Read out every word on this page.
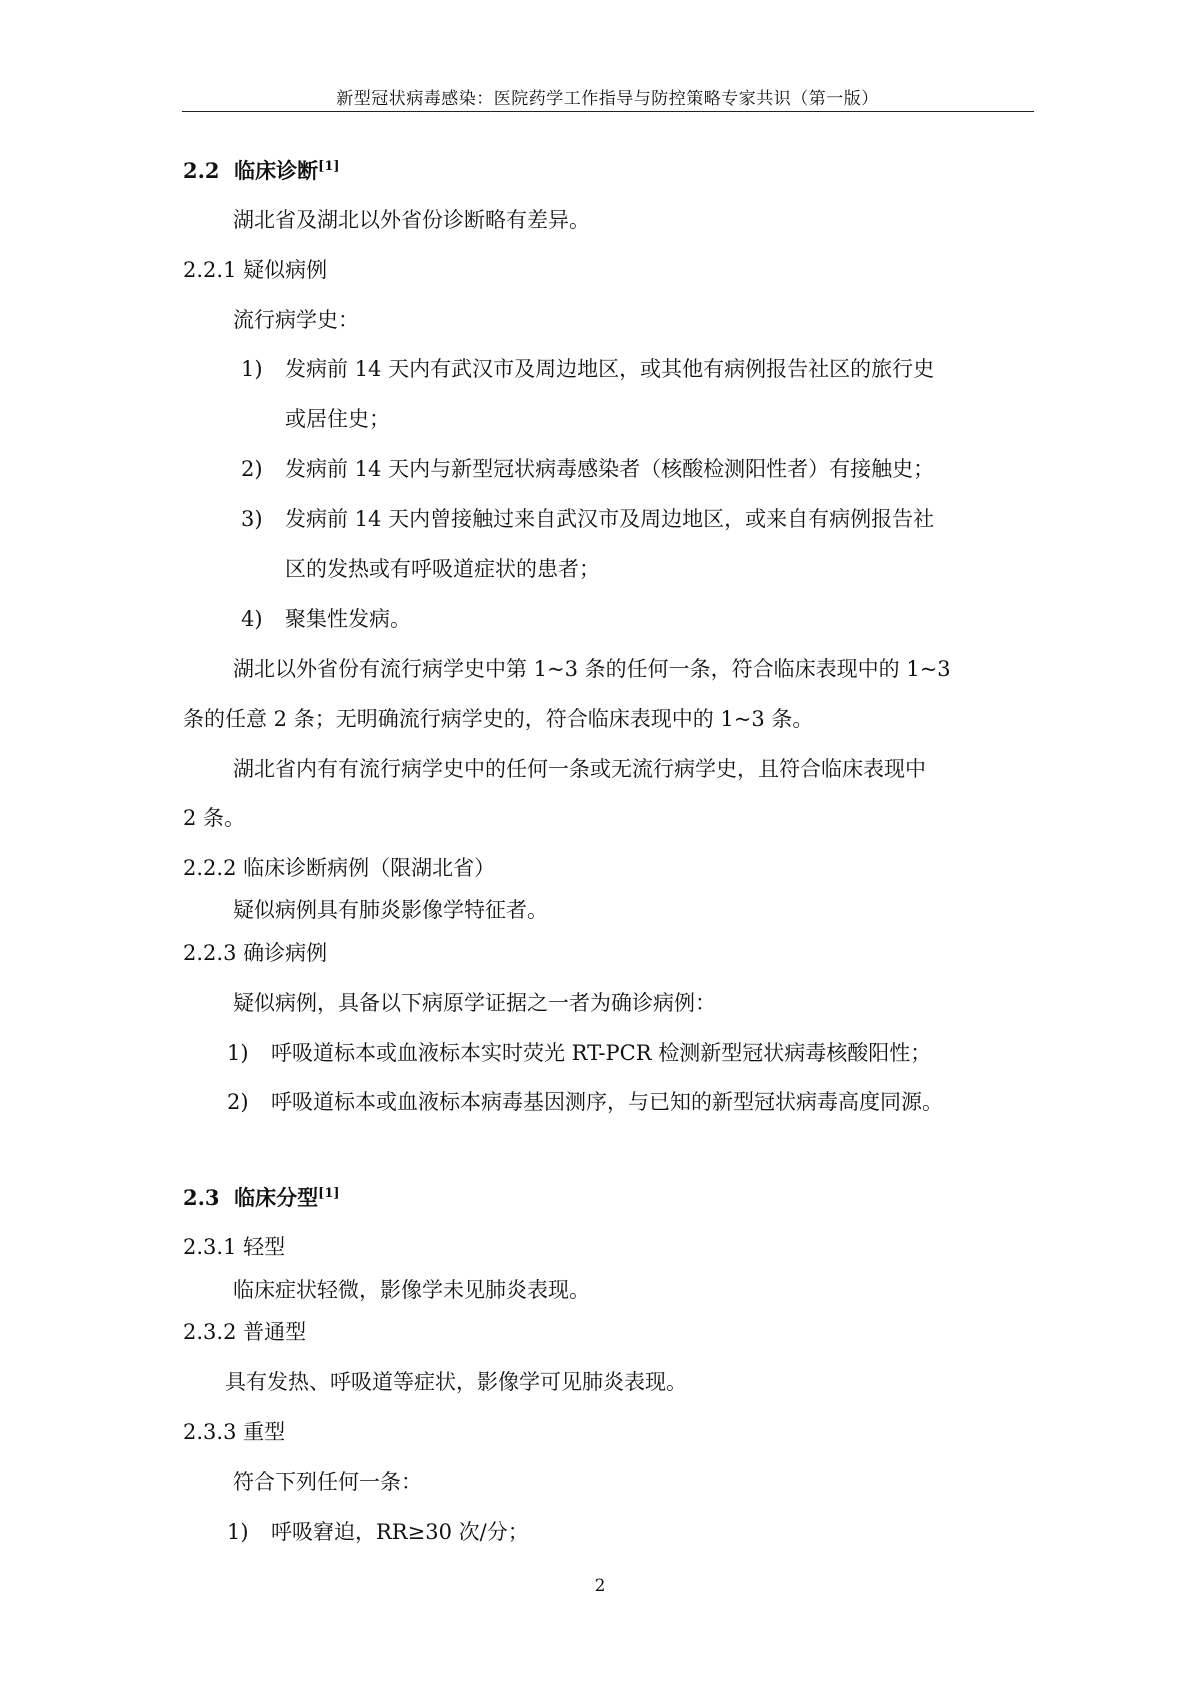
新型冠状病毒感染：医院药学工作指导与防控策略专家共识（第一版）
2.2 临床诊断[1]
湖北省及湖北以外省份诊断略有差异。
2.2.1 疑似病例
流行病学史：
1) 发病前 14 天内有武汉市及周边地区，或其他有病例报告社区的旅行史
或居住史；
2) 发病前 14 天内与新型冠状病毒感染者（核酸检测阳性者）有接触史；
3) 发病前 14 天内曾接触过来自武汉市及周边地区，或来自有病例报告社
区的发热或有呼吸道症状的患者；
4) 聚集性发病。
湖北以外省份有流行病学史中第 1~3 条的任何一条，符合临床表现中的 1~3
条的任意 2 条；无明确流行病学史的，符合临床表现中的 1~3 条。
湖北省内有有流行病学史中的任何一条或无流行病学史，且符合临床表现中
2 条。
2.2.2 临床诊断病例（限湖北省）
疑似病例具有肺炎影像学特征者。
2.2.3 确诊病例
疑似病例，具备以下病原学证据之一者为确诊病例：
1) 呼吸道标本或血液标本实时荧光 RT-PCR 检测新型冠状病毒核酸阳性；
2) 呼吸道标本或血液标本病毒基因测序，与已知的新型冠状病毒高度同源。
2.3 临床分型[1]
2.3.1 轻型
临床症状轻微，影像学未见肺炎表现。
2.3.2 普通型
具有发热、呼吸道等症状，影像学可见肺炎表现。
2.3.3 重型
符合下列任何一条：
1) 呼吸窘迫，RR≥30 次/分；
2
